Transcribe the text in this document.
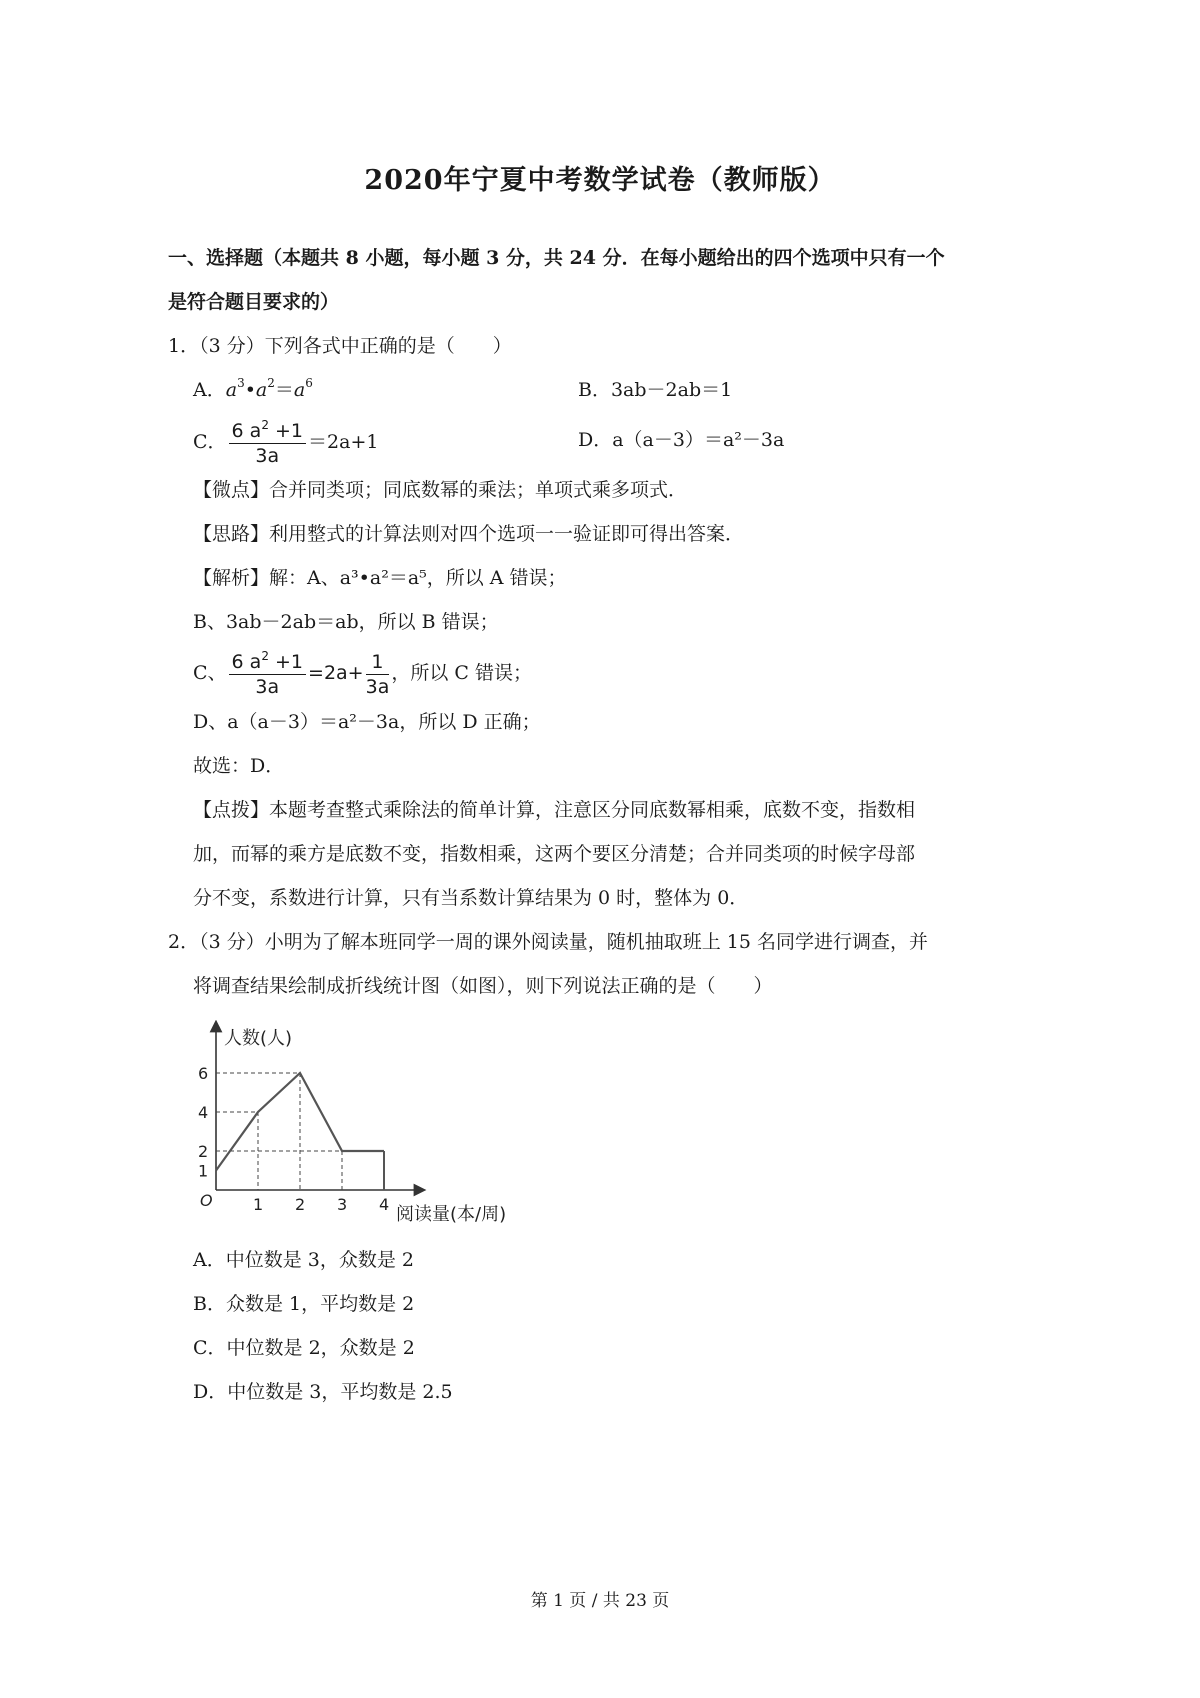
2020年宁夏中考数学试卷（教师版）
一、选择题（本题共 8 小题，每小题 3 分，共 24 分．在每小题给出的四个选项中只有一个
是符合题目要求的）
1．（3 分）下列各式中正确的是（　　）
A．$a^3•a^2=a^6$	B．3ab－2ab＝1
C． $\frac{6 a^2 +1}{3a} =2a+1$	D．a（a－3）＝a²－3a
【微点】合并同类项；同底数幂的乘法；单项式乘多项式．
【思路】利用整式的计算法则对四个选项一一验证即可得出答案．
【解析】解：A、a³•a²＝a⁵，所以 A 错误；
B、3ab－2ab＝ab，所以 B 错误；
C、 $\frac{6 a^2 +1}{3a} =2a+ \frac{1}{3a}$ ，所以 C 错误；
D、a（a－3）＝a²－3a，所以 D 正确；
故选：D．
【点拨】本题考查整式乘除法的简单计算，注意区分同底数幂相乘，底数不变，指数相
加，而幂的乘方是底数不变，指数相乘，这两个要区分清楚；合并同类项的时候字母部
分不变，系数进行计算，只有当系数计算结果为 0 时，整体为 0．
2．（3 分）小明为了解本班同学一周的课外阅读量，随机抽取班上 15 名同学进行调查，并
将调查结果绘制成折线统计图（如图），则下列说法正确的是（　　）
1 2 3 4
1
2
4
6
人数(人)
阅读量(本/周)
O
A．中位数是 3，众数是 2
B．众数是 1，平均数是 2
C．中位数是 2，众数是 2
D．中位数是 3，平均数是 2.5
第 1 页 / 共 23 页
